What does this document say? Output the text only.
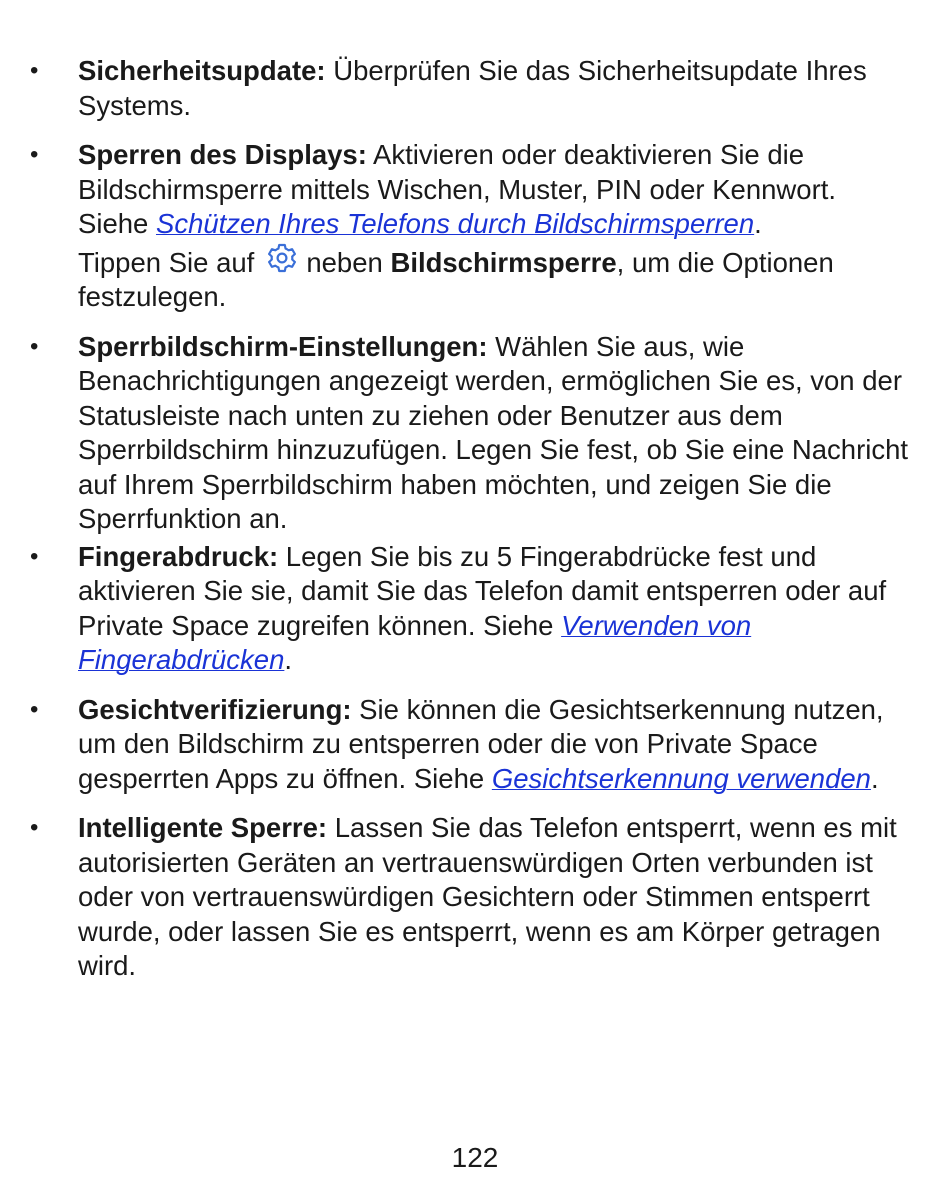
• Sicherheitsupdate: Überprüfen Sie das Sicherheitsupdate Ihres Systems.
• Sperren des Displays: Aktivieren oder deaktivieren Sie die Bildschirmsperre mittels Wischen, Muster, PIN oder Kennwort. Siehe Schützen Ihres Telefons durch Bildschirmsperren.
Tippen Sie auf neben Bildschirmsperre, um die Optionen festzulegen.
• Sperrbildschirm-Einstellungen: Wählen Sie aus, wie Benachrichtigungen angezeigt werden, ermöglichen Sie es, von der Statusleiste nach unten zu ziehen oder Benutzer aus dem Sperrbildschirm hinzuzufügen. Legen Sie fest, ob Sie eine Nachricht auf Ihrem Sperrbildschirm haben möchten, und zeigen Sie die Sperrfunktion an.
• Fingerabdruck: Legen Sie bis zu 5 Fingerabdrücke fest und aktivieren Sie sie, damit Sie das Telefon damit entsperren oder auf Private Space zugreifen können. Siehe Verwenden von Fingerabdrücken.
• Gesichtverifizierung: Sie können die Gesichtserkennung nutzen, um den Bildschirm zu entsperren oder die von Private Space gesperrten Apps zu öffnen. Siehe Gesichtserkennung verwenden.
• Intelligente Sperre: Lassen Sie das Telefon entsperrt, wenn es mit autorisierten Geräten an vertrauenswürdigen Orten verbunden ist oder von vertrauenswürdigen Gesichtern oder Stimmen entsperrt wurde, oder lassen Sie es entsperrt, wenn es am Körper getragen wird.
122
